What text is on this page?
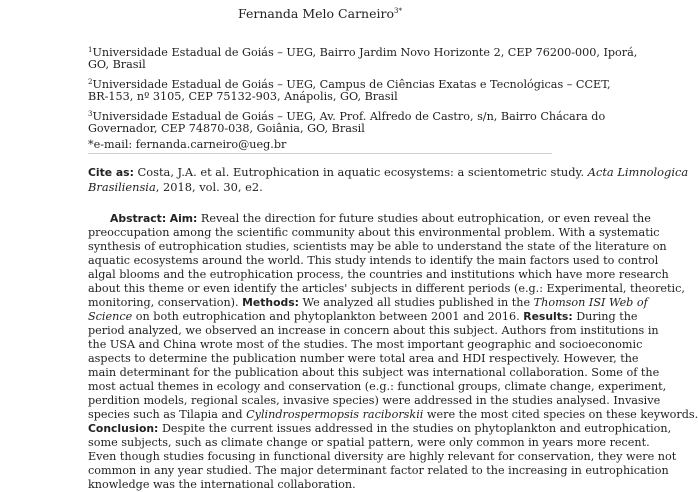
Fernanda Melo Carneiro$^{3*}$
$^1$Universidade Estadual de Goiás – UEG, Bairro Jardim Novo Horizonte 2, CEP 76200-000, Iporá,
GO, Brasil
$^2$Universidade Estadual de Goiás – UEG, Campus de Ciências Exatas e Tecnológicas – CCET,
BR-153, nº 3105, CEP 75132-903, Anápolis, GO, Brasil
$^3$Universidade Estadual de Goiás – UEG, Av. Prof. Alfredo de Castro, s/n, Bairro Chácara do
Governador, CEP 74870-038, Goiânia, GO, Brasil
*e-mail: fernanda.carneiro@ueg.br
Cite as: Costa, J.A. et al. Eutrophication in aquatic ecosystems: a scientometric study. Acta Limnologica
Brasiliensia, 2018, vol. 30, e2.
Abstract: Aim: Reveal the direction for future studies about eutrophication, or even reveal the
preoccupation among the scientific community about this environmental problem. With a systematic
synthesis of eutrophication studies, scientists may be able to understand the state of the literature on
aquatic ecosystems around the world. This study intends to identify the main factors used to control
algal blooms and the eutrophication process, the countries and institutions which have more research
about this theme or even identify the articles' subjects in different periods (e.g.: Experimental, theoretic,
monitoring, conservation). Methods: We analyzed all studies published in the Thomson ISI Web of
Science on both eutrophication and phytoplankton between 2001 and 2016. Results: During the
period analyzed, we observed an increase in concern about this subject. Authors from institutions in
the USA and China wrote most of the studies. The most important geographic and socioeconomic
aspects to determine the publication number were total area and HDI respectively. However, the
main determinant for the publication about this subject was international collaboration. Some of the
most actual themes in ecology and conservation (e.g.: functional groups, climate change, experiment,
perdition models, regional scales, invasive species) were addressed in the studies analysed. Invasive
species such as Tilapia and Cylindrospermopsis raciborskii were the most cited species on these keywords.
Conclusion: Despite the current issues addressed in the studies on phytoplankton and eutrophication,
some subjects, such as climate change or spatial pattern, were only common in years more recent.
Even though studies focusing in functional diversity are highly relevant for conservation, they were not
common in any year studied. The major determinant factor related to the increasing in eutrophication
knowledge was the international collaboration.
